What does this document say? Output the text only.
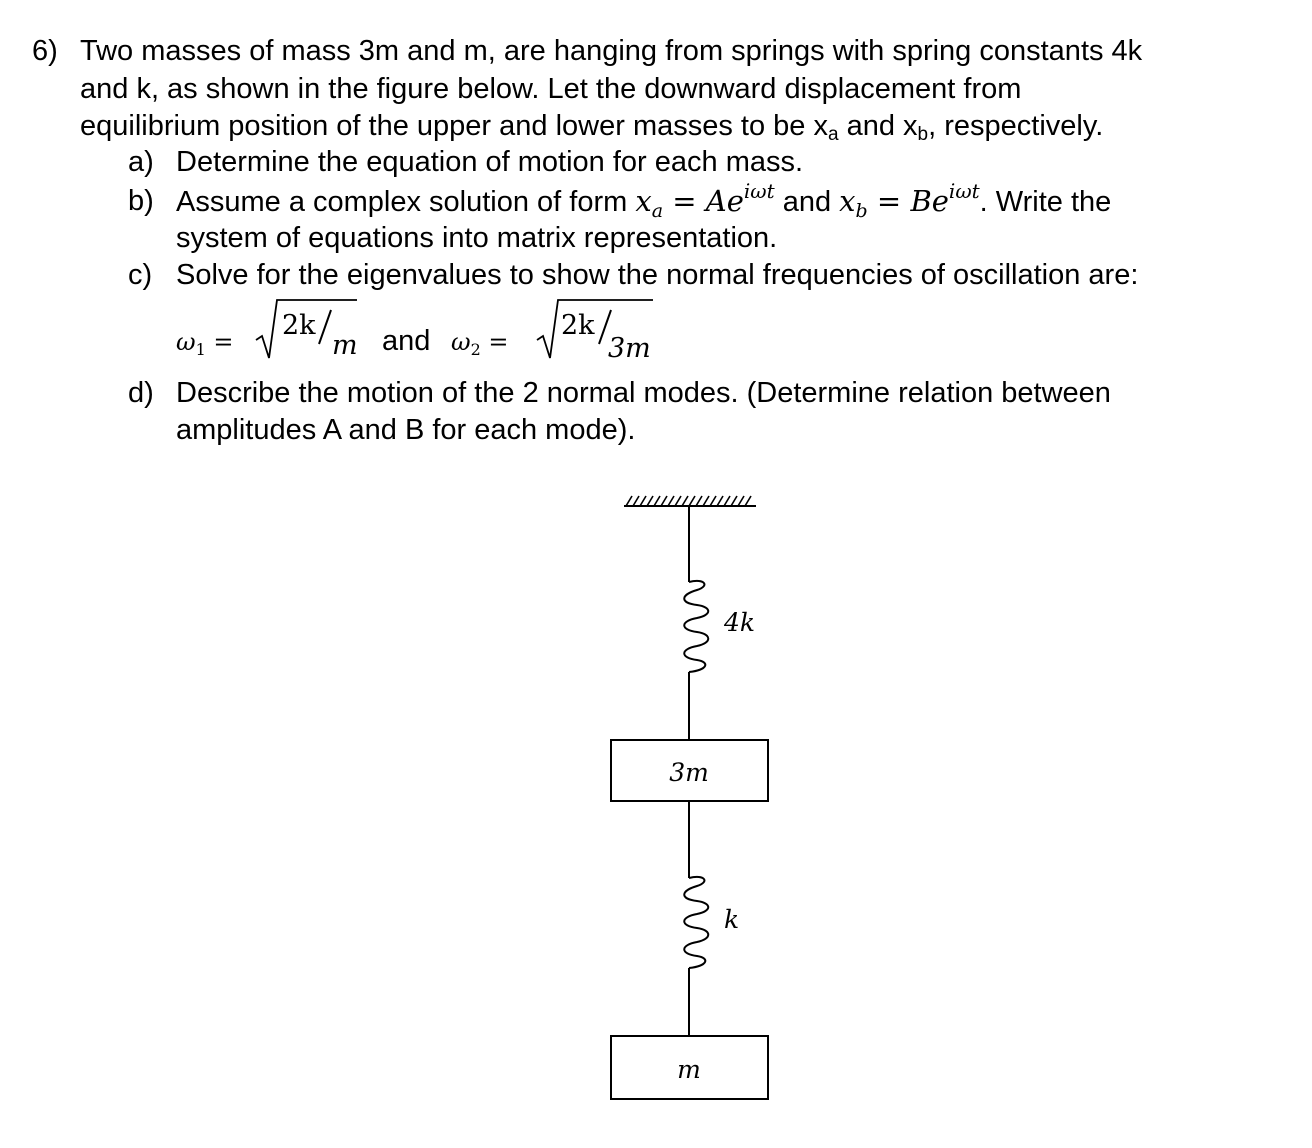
6) Two masses of mass 3m and m, are hanging from springs with spring constants 4k
and k, as shown in the figure below. Let the downward displacement from
equilibrium position of the upper and lower masses to be xa and xb, respectively.
a) Determine the equation of motion for each mass.
b) Assume a complex solution of form $x_a = Ae^{i\omega t}$ and $x_b = Be^{i\omega t}$. Write the
system of equations into matrix representation.
c) Solve for the eigenvalues to show the normal frequencies of oscillation are:
$\omega_1$ =
2k
m and $\omega_2$ =
2k
3m
d) Describe the motion of the 2 normal modes. (Determine relation between
amplitudes A and B for each mode).
4k
3m
k
m
